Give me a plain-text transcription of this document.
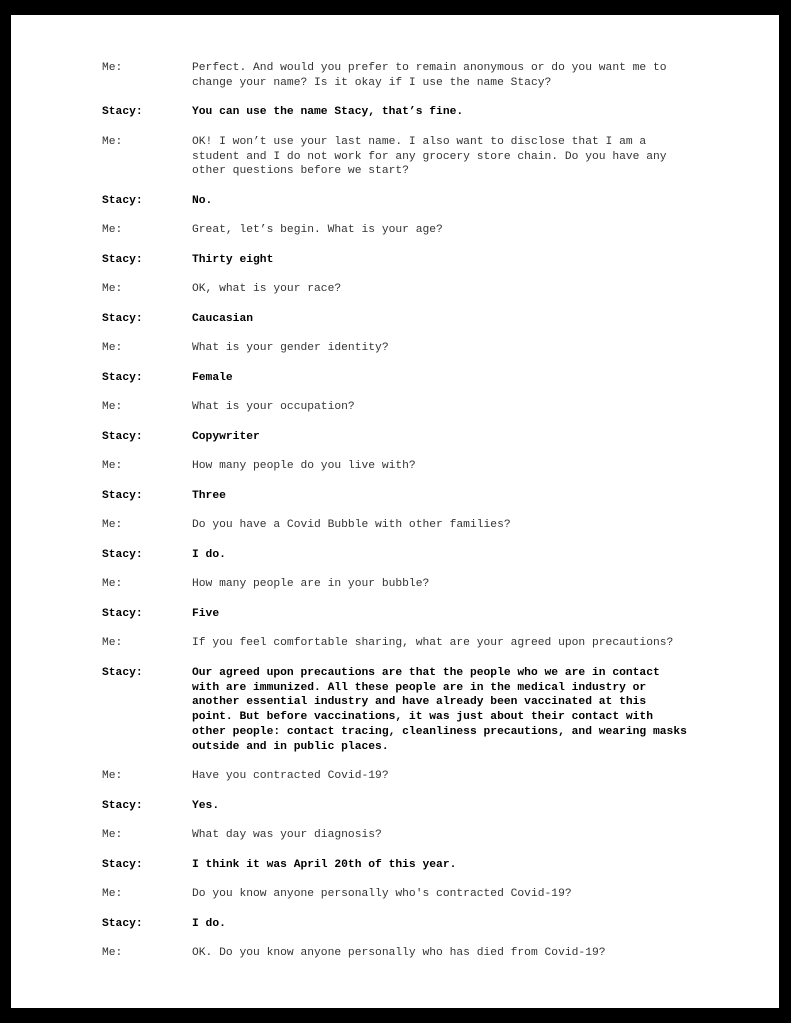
Me:	Perfect. And would you prefer to remain anonymous or do you want me to
change your name? Is it okay if I use the name Stacy?
Stacy:	You can use the name Stacy, that’s fine.
Me:	OK! I won’t use your last name. I also want to disclose that I am a
student and I do not work for any grocery store chain. Do you have any
other questions before we start?
Stacy:	No.
Me:	Great, let’s begin. What is your age?
Stacy:	Thirty eight
Me:	OK, what is your race?
Stacy:	Caucasian
Me:	What is your gender identity?
Stacy:	Female
Me:	What is your occupation?
Stacy:	Copywriter
Me:	How many people do you live with?
Stacy:	Three
Me:	Do you have a Covid Bubble with other families?
Stacy:	I do.
Me:	How many people are in your bubble?
Stacy:	Five
Me:	If you feel comfortable sharing, what are your agreed upon precautions?
Stacy:	Our agreed upon precautions are that the people who we are in contact
with are immunized. All these people are in the medical industry or
another essential industry and have already been vaccinated at this
point. But before vaccinations, it was just about their contact with
other people: contact tracing, cleanliness precautions, and wearing masks
outside and in public places.
Me:	Have you contracted Covid-19?
Stacy:	Yes.
Me:	What day was your diagnosis?
Stacy:	I think it was April 20th of this year.
Me:	Do you know anyone personally who's contracted Covid-19?
Stacy:	I do.
Me:	OK. Do you know anyone personally who has died from Covid-19?
